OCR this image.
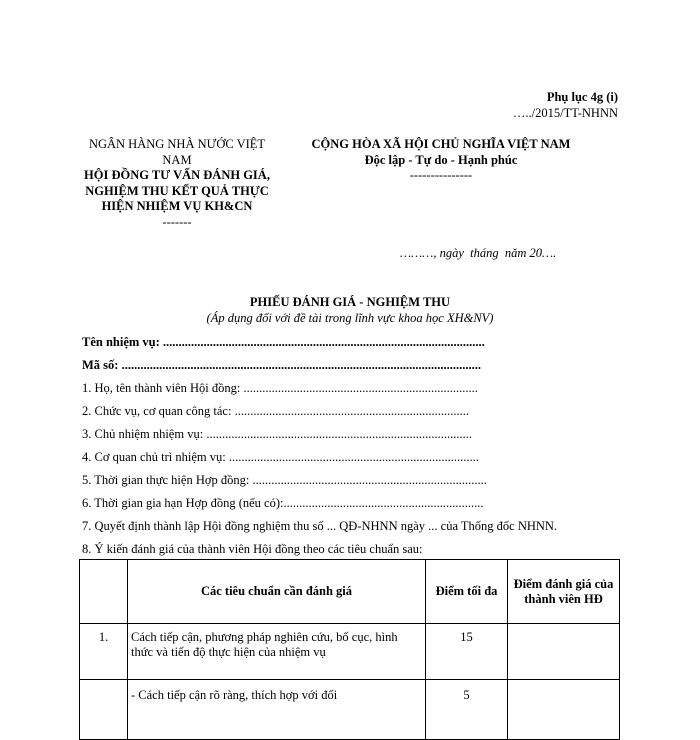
Phụ lục 4g (i)
…../2015/TT-NHNN
NGÂN HÀNG NHÀ NƯỚC VIỆT NAM
HỘI ĐỒNG TƯ VẤN ĐÁNH GIÁ,
NGHIỆM THU KẾT QUẢ THỰC
HIỆN NHIỆM VỤ KH&CN
-------
CỘNG HÒA XÃ HỘI CHỦ NGHĨA VIỆT NAM
Độc lập - Tự do - Hạnh phúc
---------------
………, ngày  tháng  năm 20….
PHIẾU ĐÁNH GIÁ - NGHIỆM THU
(Áp dụng đối với đề tài trong lĩnh vực khoa học XH&NV)
Tên nhiệm vụ: .......................................................................................................
Mã số: ...................................................................................................................
1. Họ, tên thành viên Hội đồng: ...........................................................................
2. Chức vụ, cơ quan công tác: ...........................................................................
3. Chủ nhiệm nhiệm vụ: .....................................................................................
4. Cơ quan chủ trì nhiệm vụ: ................................................................................
5. Thời gian thực hiện Hợp đồng: ...........................................................................
6. Thời gian gia hạn Hợp đồng (nếu có):................................................................
7. Quyết định thành lập Hội đồng nghiệm thu số ... QĐ-NHNN ngày ... của Thống đốc NHNN.
8. Ý kiến đánh giá của thành viên Hội đồng theo các tiêu chuẩn sau:
	Các tiêu chuẩn cần đánh giá	Điểm tối đa	Điểm đánh giá của thành viên HĐ
1.	Cách tiếp cận, phương pháp nghiên cứu, bố cục, hình thức và tiến độ thực hiện của nhiệm vụ	15	
	- Cách tiếp cận rõ ràng, thích hợp với đối	5	
